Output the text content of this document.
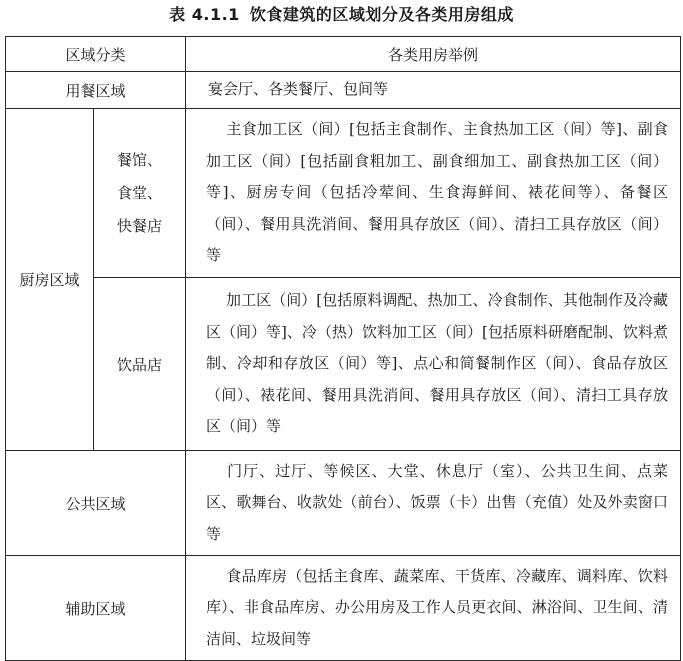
表 4.1.1 饮食建筑的区域划分及各类用房组成
区域分类		各类用房举例
用餐区域		宴会厅、各类餐厅、包间等
厨房区域	餐馆、食堂、快餐店	主食加工区（间）[包括主食制作、主食热加工区（间）等]、副食加工区（间）[包括副食粗加工、副食细加工、副食热加工区（间）等]、厨房专间（包括冷荤间、生食海鲜间、裱花间等）、备餐区（间）、餐用具洗消间、餐用具存放区（间）、清扫工具存放区（间）等
	饮品店	加工区（间）[包括原料调配、热加工、冷食制作、其他制作及冷藏区（间）等]、冷（热）饮料加工区（间）[包括原料研磨配制、饮料煮制、冷却和存放区（间）等]、点心和简餐制作区（间）、食品存放区（间）、裱花间、餐用具洗消间、餐用具存放区（间）、清扫工具存放区（间）等
公共区域		门厅、过厅、等候区、大堂、休息厅（室）、公共卫生间、点菜区、歌舞台、收款处（前台）、饭票（卡）出售（充值）处及外卖窗口等
辅助区域		食品库房（包括主食库、蔬菜库、干货库、冷藏库、调料库、饮料库）、非食品库房、办公用房及工作人员更衣间、淋浴间、卫生间、清洁间、垃圾间等
